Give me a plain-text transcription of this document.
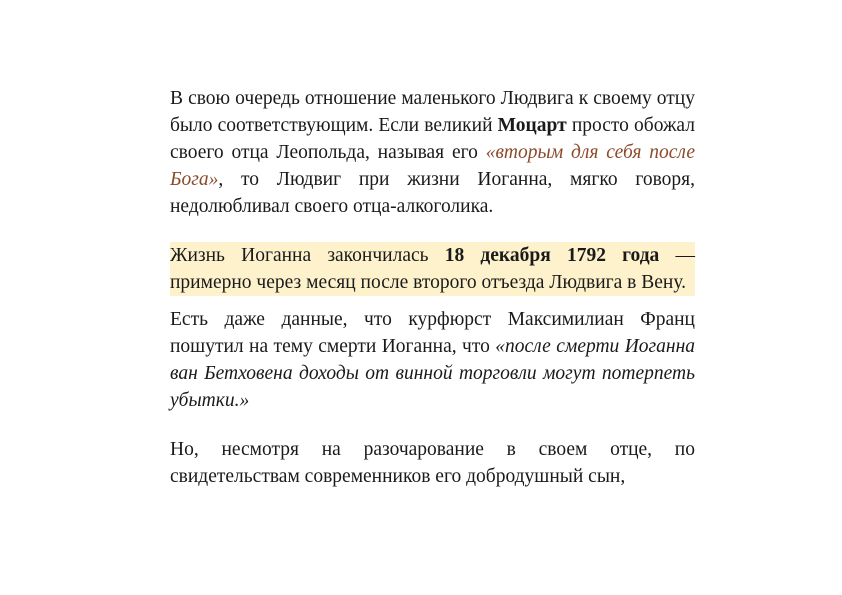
В свою очередь отношение маленького Людвига к своему отцу было соответствующим. Если великий Моцарт просто обожал своего отца Леопольда, называя его «вторым для себя после Бога», то Людвиг при жизни Иоганна, мягко говоря, недолюбливал своего отца-алкоголика.

Жизнь Иоганна закончилась 18 декабря 1792 года — примерно через месяц после второго отъезда Людвига в Вену.

Есть даже данные, что курфюрст Максимилиан Франц пошутил на тему смерти Иоганна, что «после смерти Иоганна ван Бетховена доходы от винной торговли могут потерпеть убытки.»

Но, несмотря на разочарование в своем отце, по свидетельствам современников его добродушный сын,
